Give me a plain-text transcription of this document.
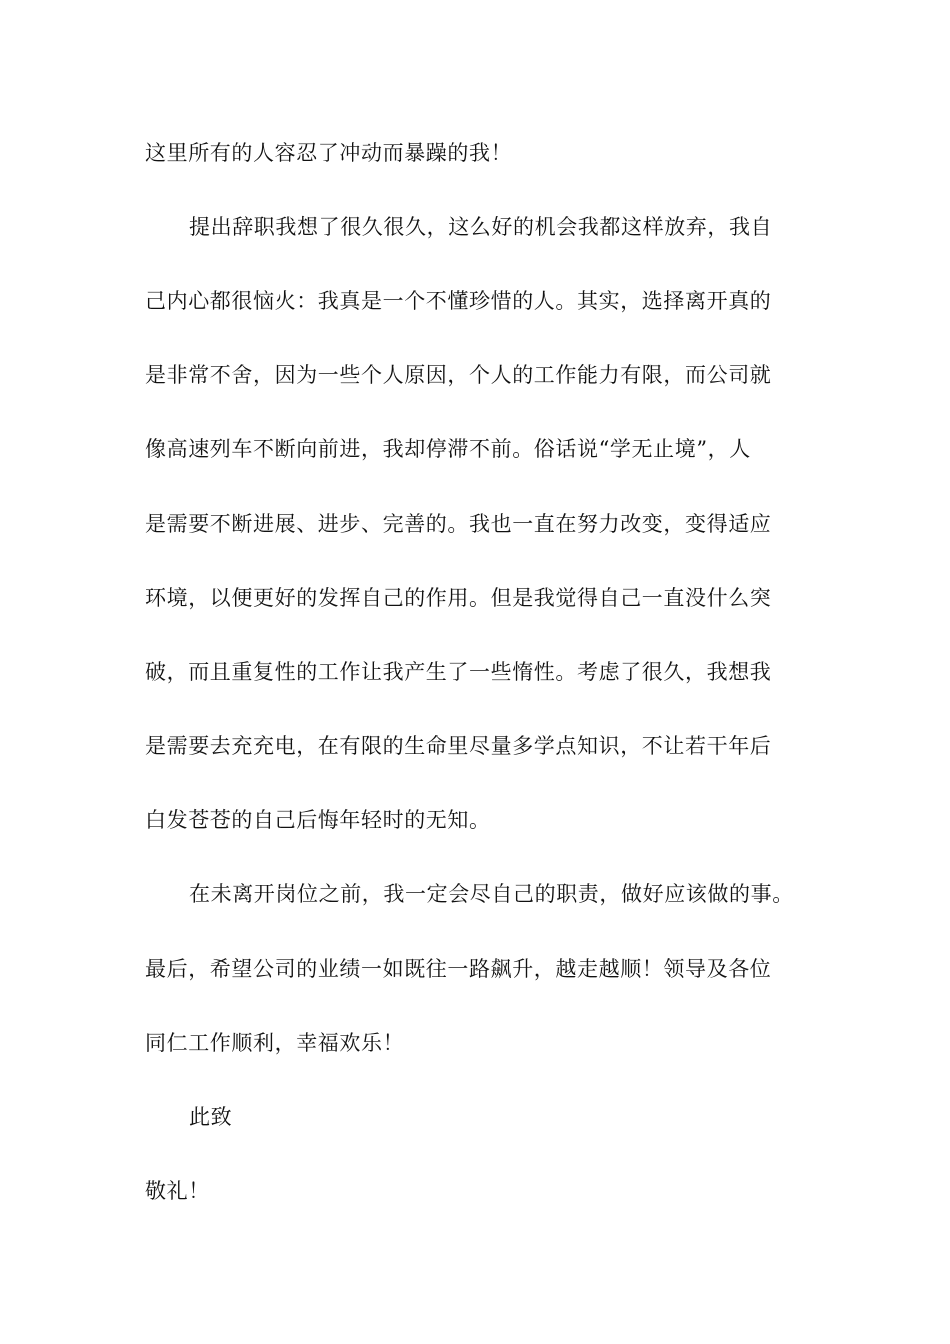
这里所有的人容忍了冲动而暴躁的我！
提出辞职我想了很久很久，这么好的机会我都这样放弃，我自
己内心都很恼火：我真是一个不懂珍惜的人。其实，选择离开真的
是非常不舍，因为一些个人原因，个人的工作能力有限，而公司就
像高速列车不断向前进，我却停滞不前。俗话说“学无止境”，人
是需要不断进展、进步、完善的。我也一直在努力改变，变得适应
环境，以便更好的发挥自己的作用。但是我觉得自己一直没什么突
破，而且重复性的工作让我产生了一些惰性。考虑了很久，我想我
是需要去充充电，在有限的生命里尽量多学点知识，不让若干年后
白发苍苍的自己后悔年轻时的无知。
在未离开岗位之前，我一定会尽自己的职责，做好应该做的事。
最后，希望公司的业绩一如既往一路飙升，越走越顺！领导及各位
同仁工作顺利，幸福欢乐！
此致
敬礼！
